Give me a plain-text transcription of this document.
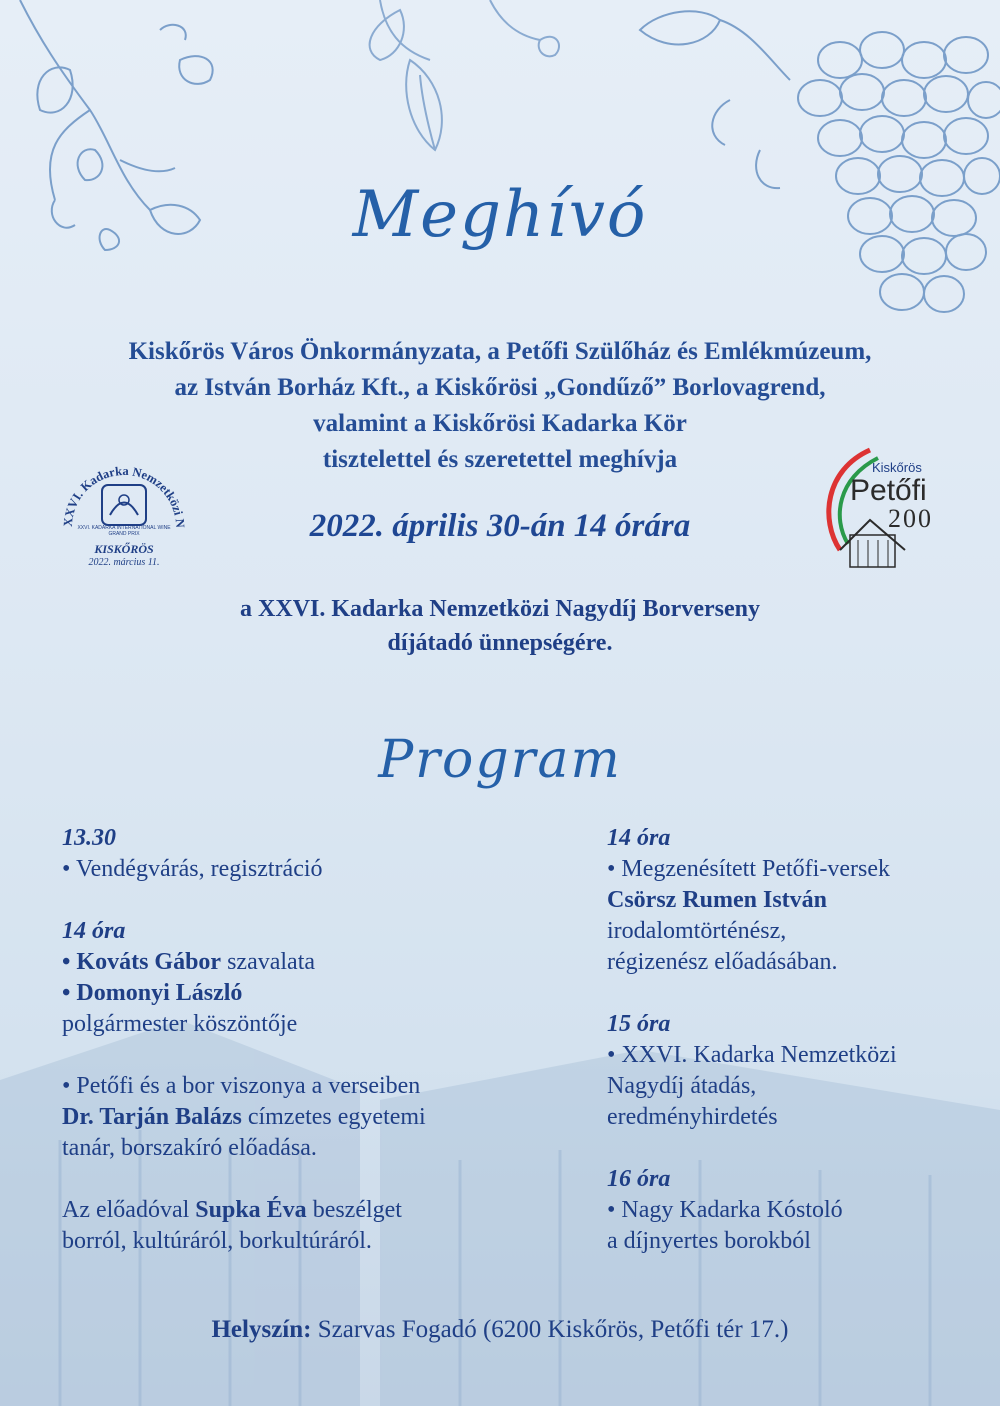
Meghívó
Kiskőrös Város Önkormányzata, a Petőfi Szülőház és Emlékmúzeum,
az István Borház Kft., a Kiskőrösi „Gondűző” Borlovagrend,
valamint a Kiskőrösi Kadarka Kör
tisztelettel és szeretettel meghívja
XXVI. Kadarka Nemzetközi N
XXVI. KADARKA INTERNATIONAL WINE GRAND PRIX
KISKŐRÖS
2022. március 11.
Kiskőrös
Petőfi
200
2022. április 30-án 14 órára
a XXVI. Kadarka Nemzetközi Nagydíj Borverseny
díjátadó ünnepségére.
Program
13.30
• Vendégvárás, regisztráció
14 óra
• Kováts Gábor szavalata
• Domonyi László
polgármester köszöntője
• Petőfi és a bor viszonya a verseiben
Dr. Tarján Balázs címzetes egyetemi
tanár, borszakíró előadása.
Az előadóval Supka Éva beszélget
borról, kultúráról, borkultúráról.
14 óra
• Megzenésített Petőfi-versek
Csörsz Rumen István
irodalomtörténész,
régizenész előadásában.
15 óra
• XXVI. Kadarka Nemzetközi
Nagydíj átadás,
eredményhirdetés
16 óra
• Nagy Kadarka Kóstoló
a díjnyertes borokból
Helyszín: Szarvas Fogadó (6200 Kiskőrös, Petőfi tér 17.)
